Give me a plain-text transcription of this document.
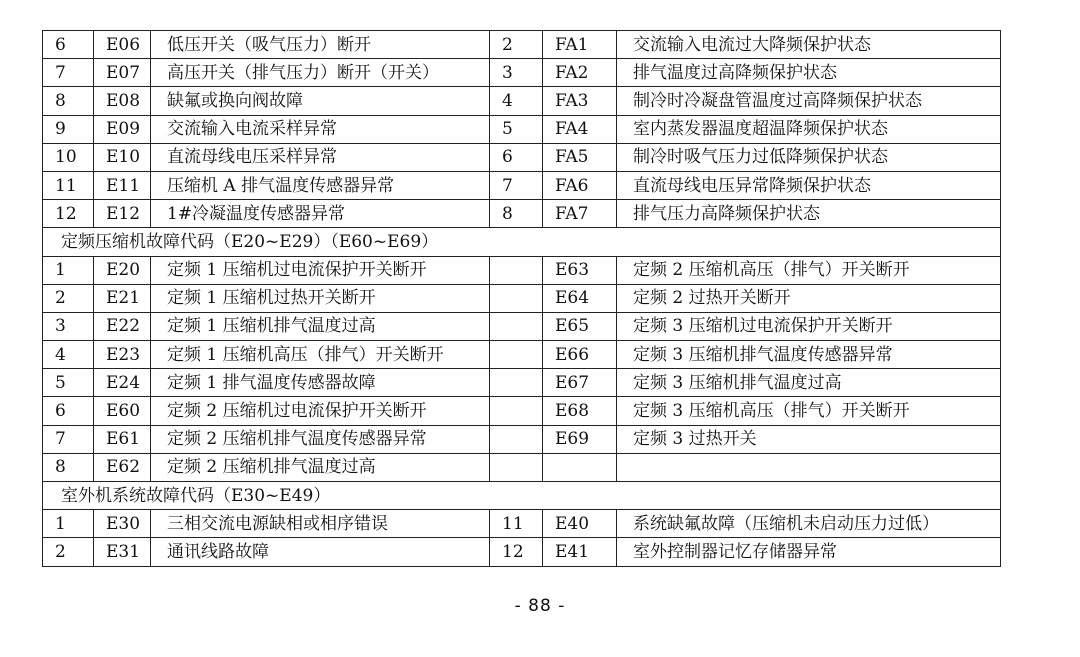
6	E06	低压开关（吸气压力）断开	2	FA1	交流输入电流过大降频保护状态
7	E07	高压开关（排气压力）断开（开关）	3	FA2	排气温度过高降频保护状态
8	E08	缺氟或换向阀故障	4	FA3	制冷时冷凝盘管温度过高降频保护状态
9	E09	交流输入电流采样异常	5	FA4	室内蒸发器温度超温降频保护状态
10	E10	直流母线电压采样异常	6	FA5	制冷时吸气压力过低降频保护状态
11	E11	压缩机 A 排气温度传感器异常	7	FA6	直流母线电压异常降频保护状态
12	E12	1#冷凝温度传感器异常	8	FA7	排气压力高降频保护状态
定频压缩机故障代码（E20~E29）（E60~E69）					
1	E20	定频 1 压缩机过电流保护开关断开		E63	定频 2 压缩机高压（排气）开关断开
2	E21	定频 1 压缩机过热开关断开		E64	定频 2 过热开关断开
3	E22	定频 1 压缩机排气温度过高		E65	定频 3 压缩机过电流保护开关断开
4	E23	定频 1 压缩机高压（排气）开关断开		E66	定频 3 压缩机排气温度传感器异常
5	E24	定频 1 排气温度传感器故障		E67	定频 3 压缩机排气温度过高
6	E60	定频 2 压缩机过电流保护开关断开		E68	定频 3 压缩机高压（排气）开关断开
7	E61	定频 2 压缩机排气温度传感器异常		E69	定频 3 过热开关
8	E62	定频 2 压缩机排气温度过高			
室外机系统故障代码（E30~E49）					
1	E30	三相交流电源缺相或相序错误	11	E40	系统缺氟故障（压缩机未启动压力过低）
2	E31	通讯线路故障	12	E41	室外控制器记忆存储器异常
- 88 -
